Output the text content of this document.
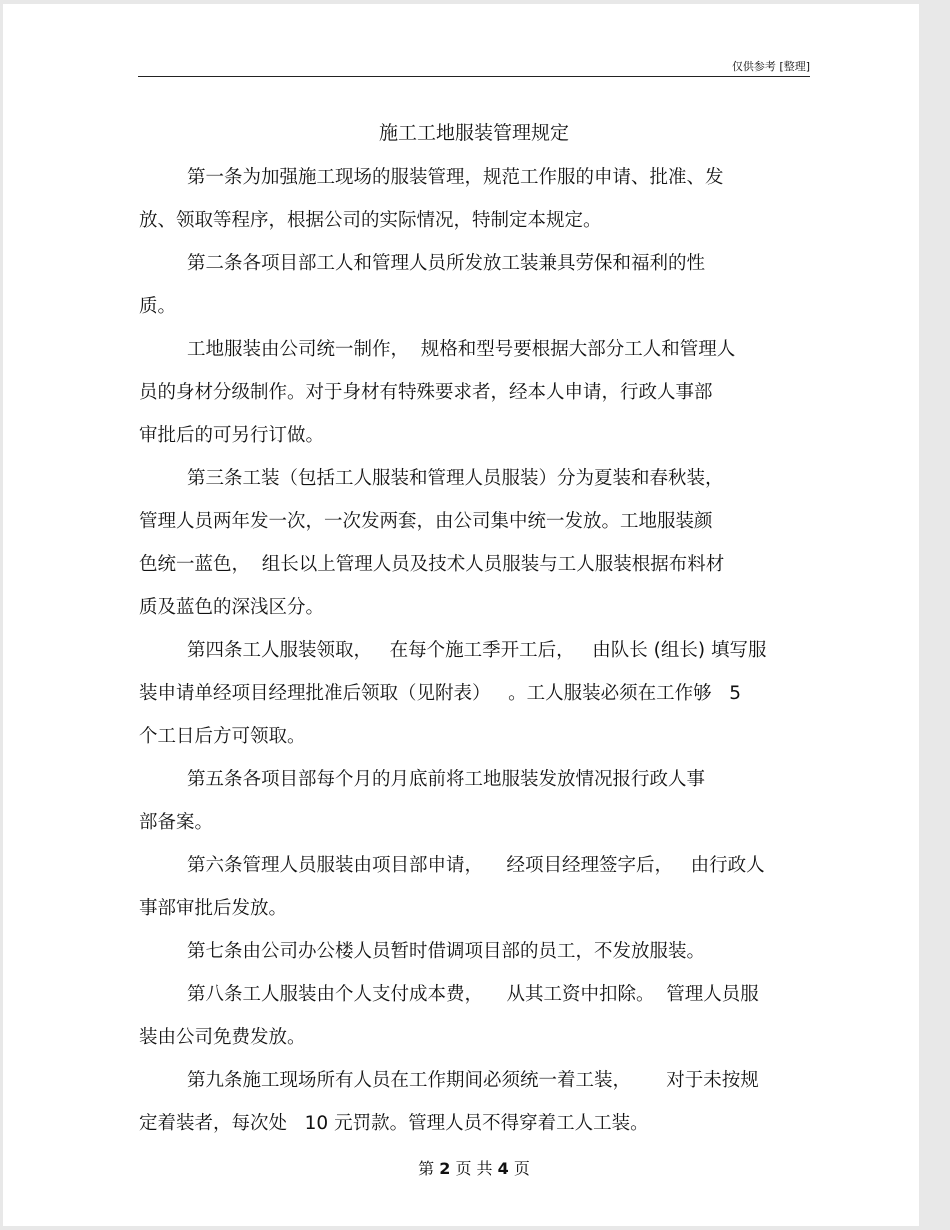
仅供参考 [整理]
施工工地服装管理规定
第一条为加强施工现场的服装管理，规范工作服的申请、批准、发
放、领取等程序，根据公司的实际情况，特制定本规定。
第二条各项目部工人和管理人员所发放工装兼具劳保和福利的性
质。
工地服装由公司统一制作，  规格和型号要根据大部分工人和管理人
员的身材分级制作。对于身材有特殊要求者，经本人申请，行政人事部
审批后的可另行订做。
第三条工装（包括工人服装和管理人员服装）分为夏装和春秋装，
管理人员两年发一次，一次发两套，由公司集中统一发放。工地服装颜
色统一蓝色，  组长以上管理人员及技术人员服装与工人服装根据布料材
质及蓝色的深浅区分。
第四条工人服装领取，   在每个施工季开工后，   由队长 (组长) 填写服
装申请单经项目经理批准后领取（见附表）   。工人服装必须在工作够   5
个工日后方可领取。
第五条各项目部每个月的月底前将工地服装发放情况报行政人事
部备案。
第六条管理人员服装由项目部申请，    经项目经理签字后，   由行政人
事部审批后发放。
第七条由公司办公楼人员暂时借调项目部的员工，不发放服装。
第八条工人服装由个人支付成本费，    从其工资中扣除。  管理人员服
装由公司免费发放。
第九条施工现场所有人员在工作期间必须统一着工装，      对于未按规
定着装者，每次处   10 元罚款。管理人员不得穿着工人工装。
第 2 页 共 4 页
